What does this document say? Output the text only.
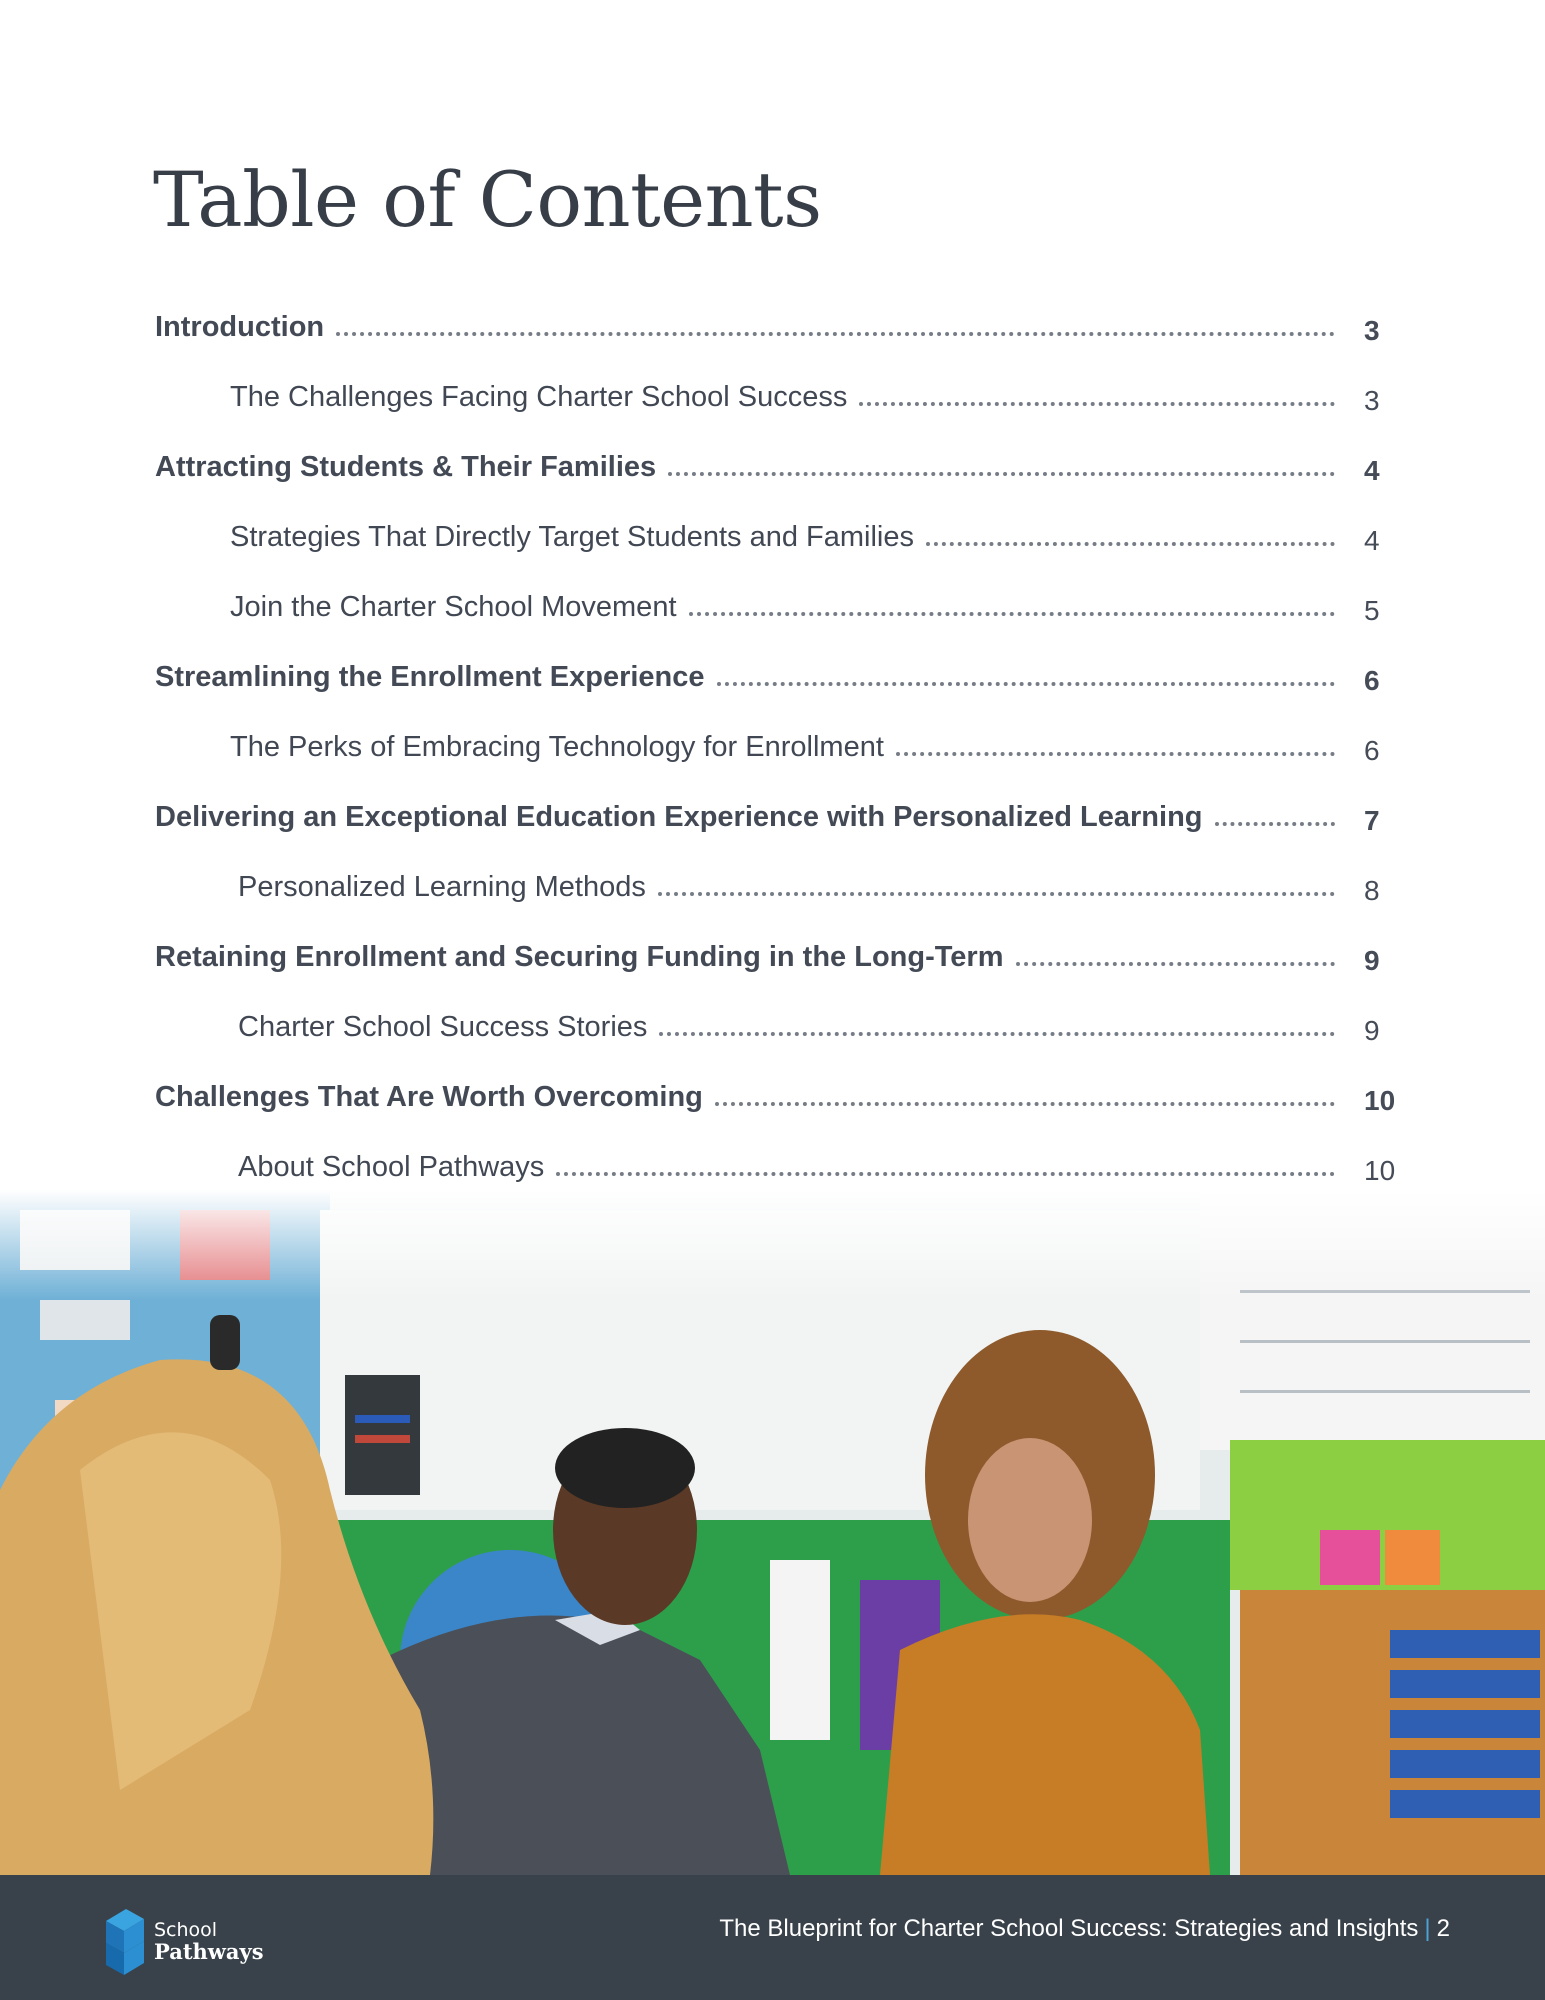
Table of Contents
Introduction	3
The Challenges Facing Charter School Success	3
Attracting Students & Their Families	4
Strategies That Directly Target Students and Families	4
Join the Charter School Movement	5
Streamlining the Enrollment Experience	6
The Perks of Embracing Technology for Enrollment	6
Delivering an Exceptional Education Experience with Personalized Learning	7
Personalized Learning Methods	8
Retaining Enrollment and Securing Funding in the Long-Term	9
Charter School Success Stories	9
Challenges That Are Worth Overcoming	10
About School Pathways	10
School
Pathways
The Blueprint for Charter School Success: Strategies and Insights | 2
